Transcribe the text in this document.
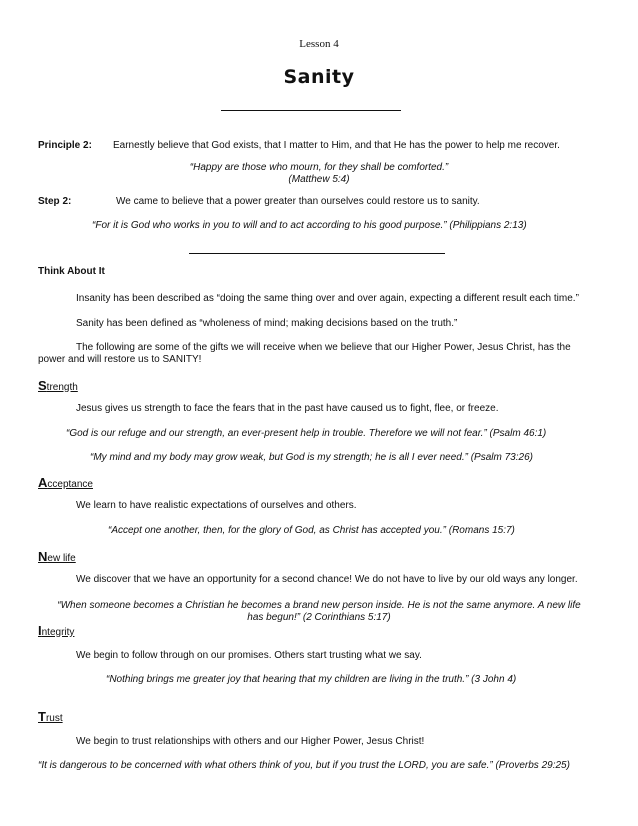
Lesson 4
Sanity
Principle 2: Earnestly believe that God exists, that I matter to Him, and that He has the power to help me recover.
“Happy are those who mourn, for they shall be comforted.”
(Matthew 5:4)
Step 2:	We came to believe that a power greater than ourselves could restore us to sanity.
“For it is God who works in you to will and to act according to his good purpose.” (Philippians 2:13)
Think About It
Insanity has been described as “doing the same thing over and over again, expecting a different result each time.”
Sanity has been defined as “wholeness of mind; making decisions based on the truth.”
The following are some of the gifts we will receive when we believe that our Higher Power, Jesus Christ, has the
power and will restore us to SANITY!
Strength
Jesus gives us strength to face the fears that in the past have caused us to fight, flee, or freeze.
“God is our refuge and our strength, an ever-present help in trouble. Therefore we will not fear.” (Psalm 46:1)
“My mind and my body may grow weak, but God is my strength; he is all I ever need.” (Psalm 73:26)
Acceptance
We learn to have realistic expectations of ourselves and others.
“Accept one another, then, for the glory of God, as Christ has accepted you.” (Romans 15:7)
New life
We discover that we have an opportunity for a second chance! We do not have to live by our old ways any longer.
“When someone becomes a Christian he becomes a brand new person inside. He is not the same anymore. A new life
has begun!” (2 Corinthians 5:17)
Integrity
We begin to follow through on our promises. Others start trusting what we say.
“Nothing brings me greater joy that hearing that my children are living in the truth.” (3 John 4)
Trust
We begin to trust relationships with others and our Higher Power, Jesus Christ!
“It is dangerous to be concerned with what others think of you, but if you trust the LORD, you are safe.” (Proverbs 29:25)
